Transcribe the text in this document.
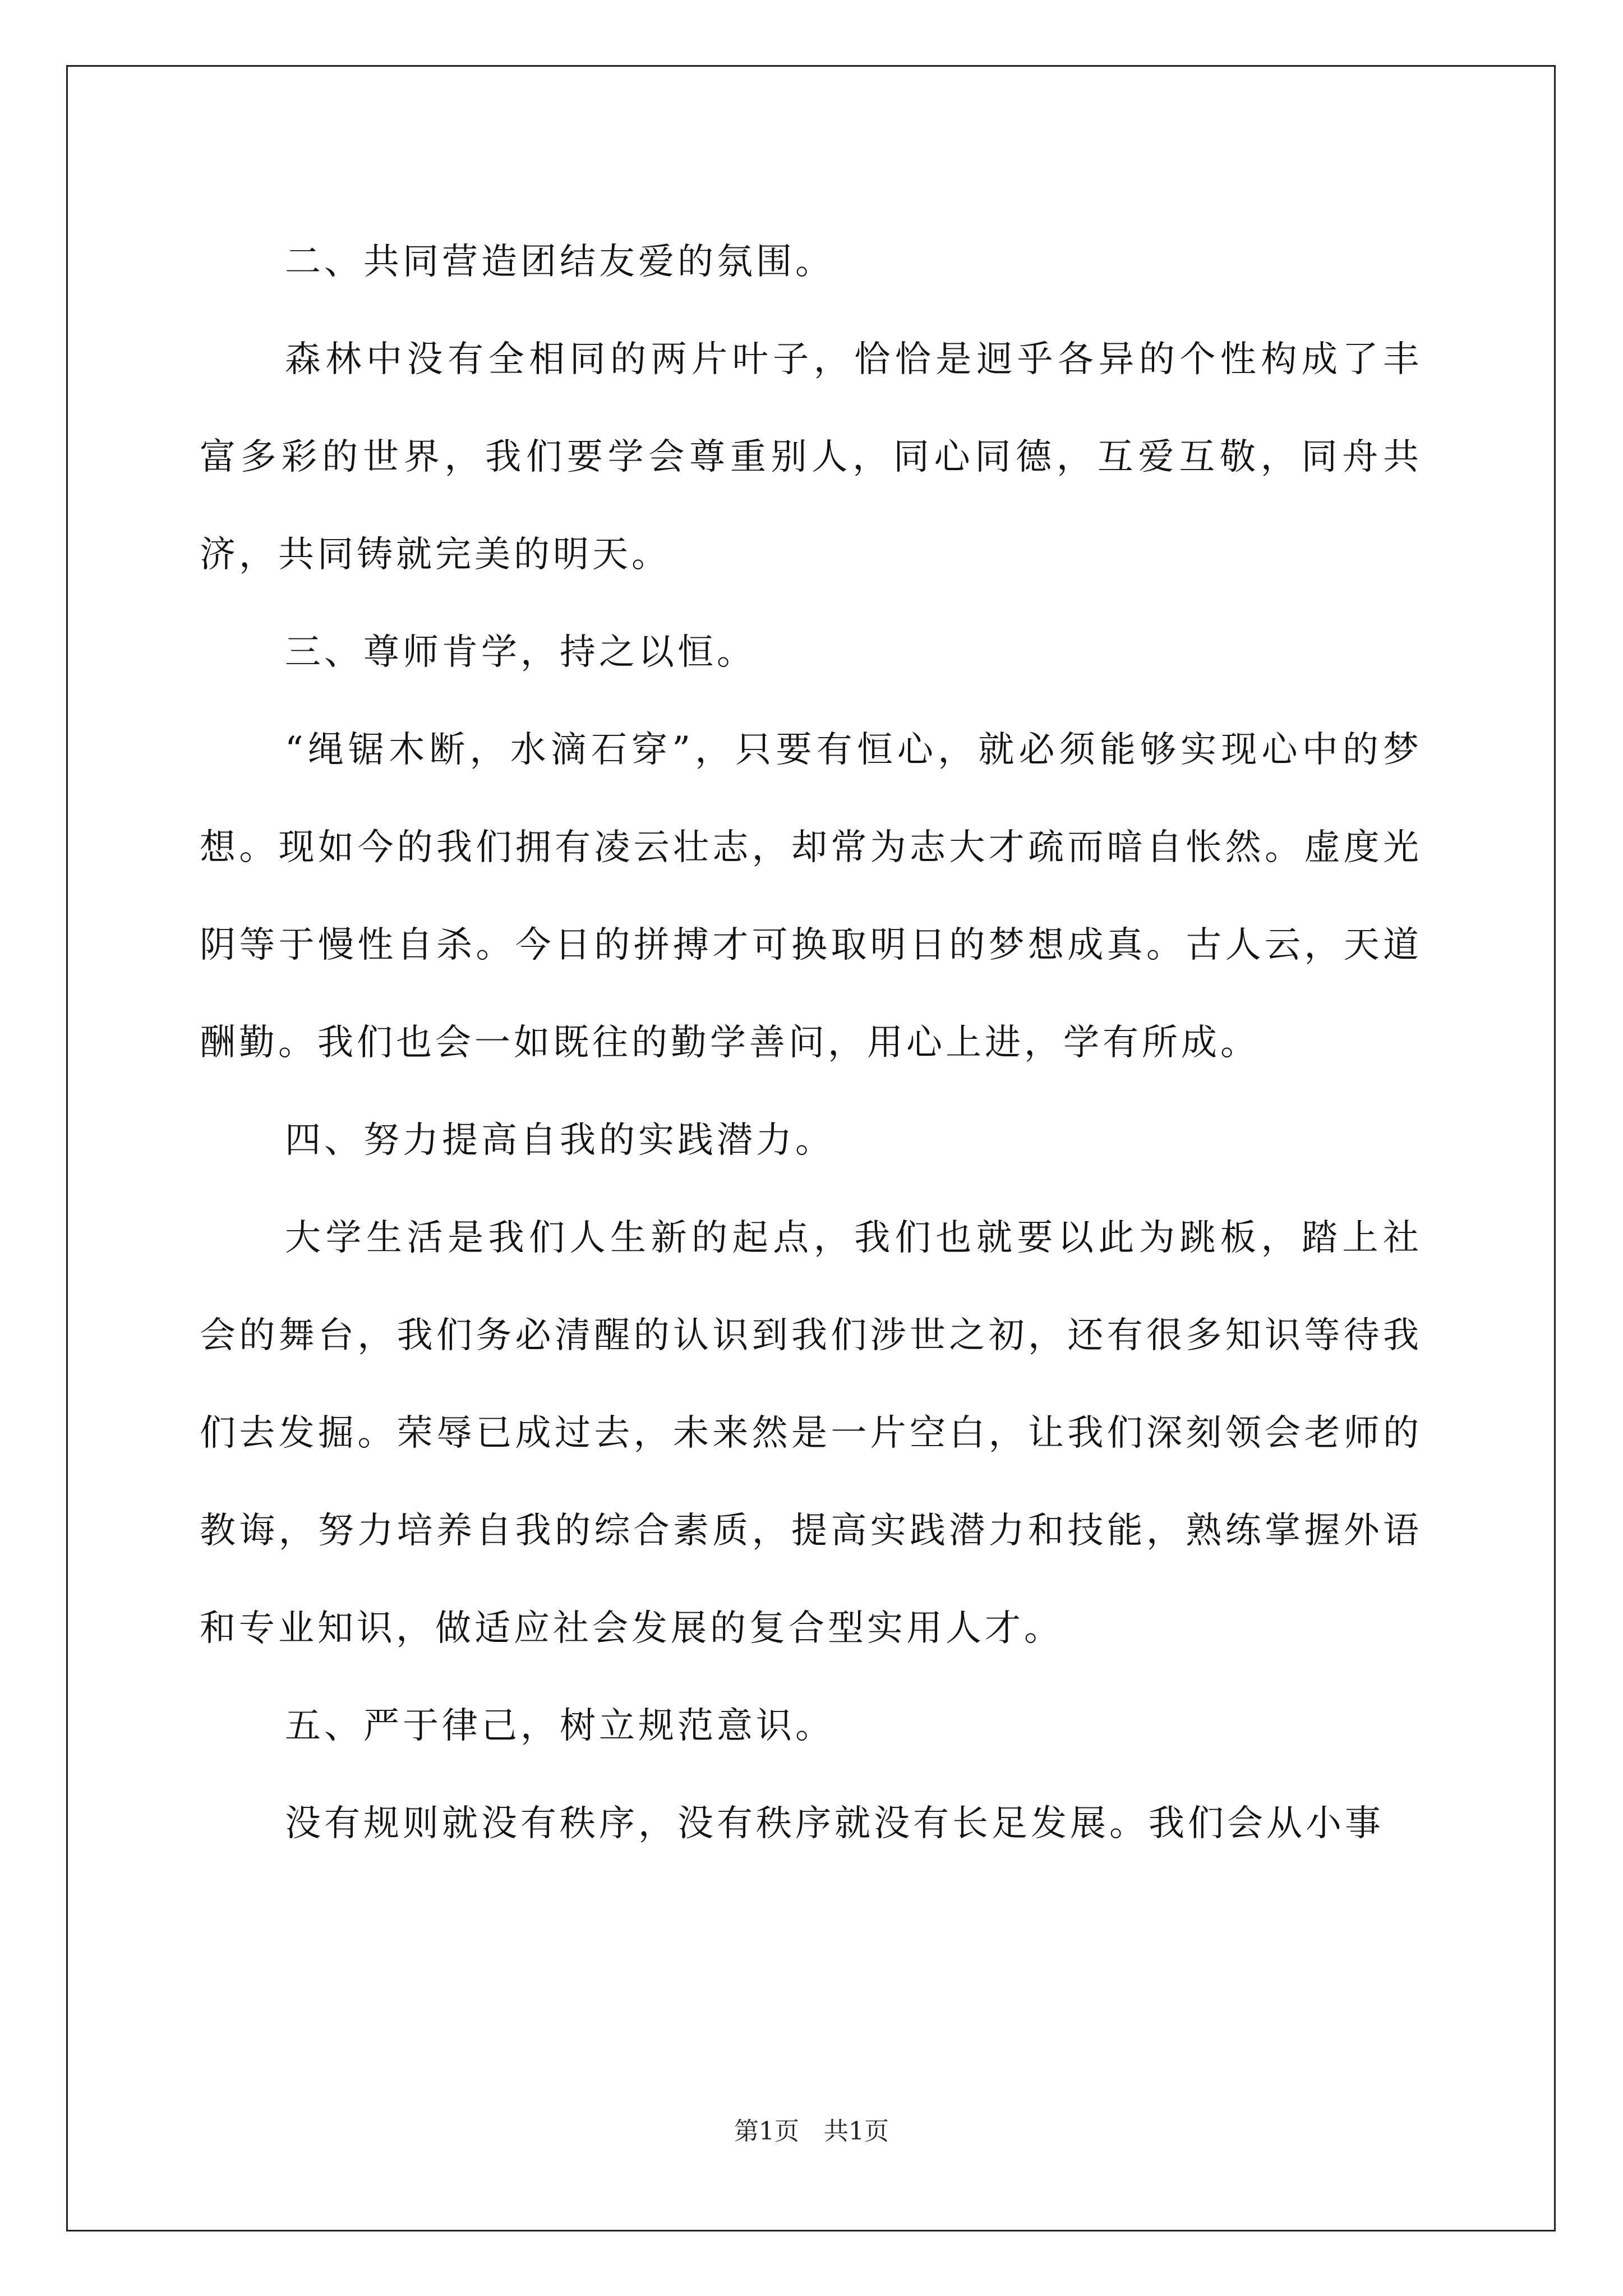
二、共同营造团结友爱的氛围。

森林中没有全相同的两片叶子，恰恰是迥乎各异的个性构成了丰富多彩的世界，我们要学会尊重别人，同心同德，互爱互敬，同舟共济，共同铸就完美的明天。

三、尊师肯学，持之以恒。

“绳锯木断，水滴石穿”，只要有恒心，就必须能够实现心中的梦想。现如今的我们拥有凌云壮志，却常为志大才疏而暗自怅然。虚度光阴等于慢性自杀。今日的拼搏才可换取明日的梦想成真。古人云，天道酬勤。我们也会一如既往的勤学善问，用心上进，学有所成。

四、努力提高自我的实践潜力。

大学生活是我们人生新的起点，我们也就要以此为跳板，踏上社会的舞台，我们务必清醒的认识到我们涉世之初，还有很多知识等待我们去发掘。荣辱已成过去，未来然是一片空白，让我们深刻领会老师的教诲，努力培养自我的综合素质，提高实践潜力和技能，熟练掌握外语和专业知识，做适应社会发展的复合型实用人才。

五、严于律己，树立规范意识。

没有规则就没有秩序，没有秩序就没有长足发展。我们会从小事

第1页　共1页
